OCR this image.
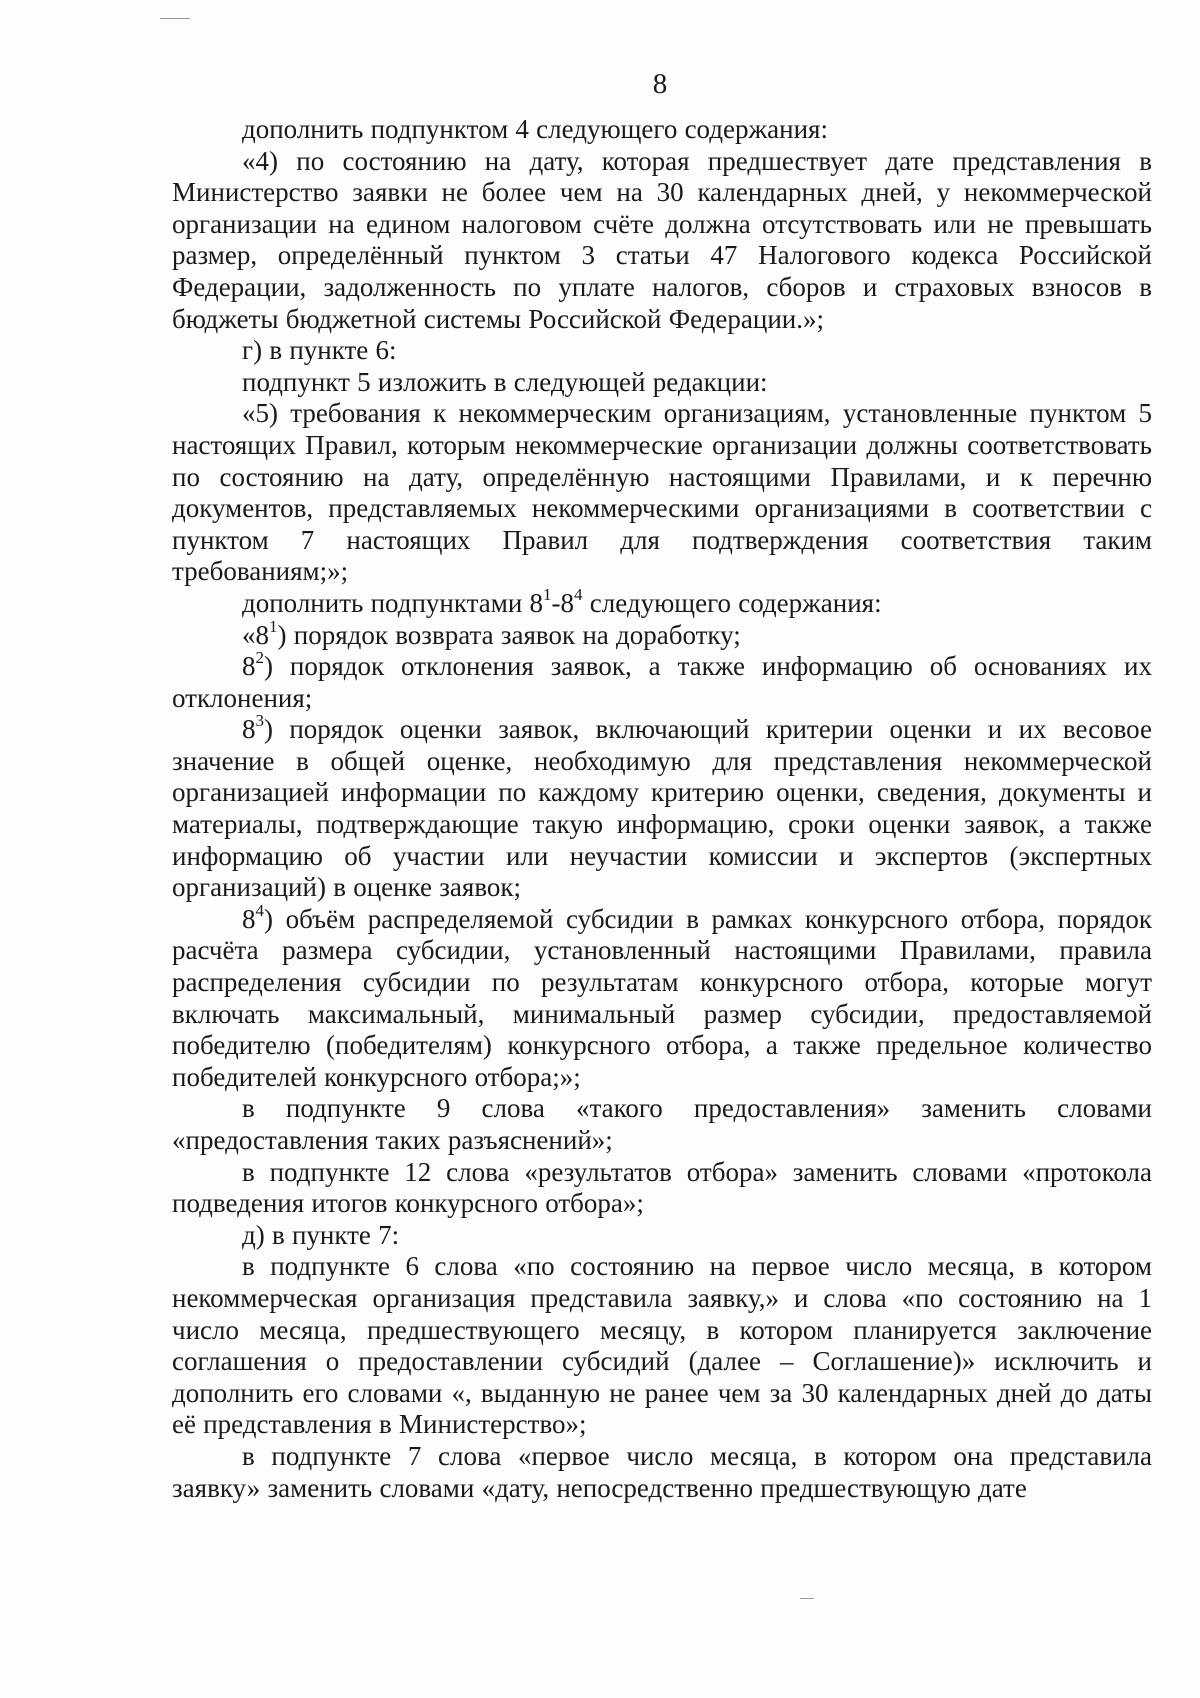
8

дополнить подпунктом 4 следующего содержания:

«4) по состоянию на дату, которая предшествует дате представления в Министерство заявки не более чем на 30 календарных дней, у некоммерческой организации на едином налоговом счёте должна отсутствовать или не превышать размер, определённый пунктом 3 статьи 47 Налогового кодекса Российской Федерации, задолженность по уплате налогов, сборов и страховых взносов в бюджеты бюджетной системы Российской Федерации.»;

г) в пункте 6:

подпункт 5 изложить в следующей редакции:

«5) требования к некоммерческим организациям, установленные пунктом 5 настоящих Правил, которым некоммерческие организации должны соответствовать по состоянию на дату, определённую настоящими Правилами, и к перечню документов, представляемых некоммерческими организациями в соответствии с пунктом 7 настоящих Правил для подтверждения соответствия таким требованиям;»;

дополнить подпунктами $8^1-8^4$ следующего содержания:

«$8^1$) порядок возврата заявок на доработку;

$8^2$) порядок отклонения заявок, а также информацию об основаниях их отклонения;

$8^3$) порядок оценки заявок, включающий критерии оценки и их весовое значение в общей оценке, необходимую для представления некоммерческой организацией информации по каждому критерию оценки, сведения, документы и материалы, подтверждающие такую информацию, сроки оценки заявок, а также информацию об участии или неучастии комиссии и экспертов (экспертных организаций) в оценке заявок;

$8^4$) объём распределяемой субсидии в рамках конкурсного отбора, порядок расчёта размера субсидии, установленный настоящими Правилами, правила распределения субсидии по результатам конкурсного отбора, которые могут включать максимальный, минимальный размер субсидии, предоставляемой победителю (победителям) конкурсного отбора, а также предельное количество победителей конкурсного отбора;»;

в подпункте 9 слова «такого предоставления» заменить словами «предоставления таких разъяснений»;

в подпункте 12 слова «результатов отбора» заменить словами «протокола подведения итогов конкурсного отбора»;

д) в пункте 7:

в подпункте 6 слова «по состоянию на первое число месяца, в котором некоммерческая организация представила заявку,» и слова «по состоянию на 1 число месяца, предшествующего месяцу, в котором планируется заключение соглашения о предоставлении субсидий (далее – Соглашение)» исключить и дополнить его словами «, выданную не ранее чем за 30 календарных дней до даты её представления в Министерство»;

в подпункте 7 слова «первое число месяца, в котором она представила заявку» заменить словами «дату, непосредственно предшествующую дате
